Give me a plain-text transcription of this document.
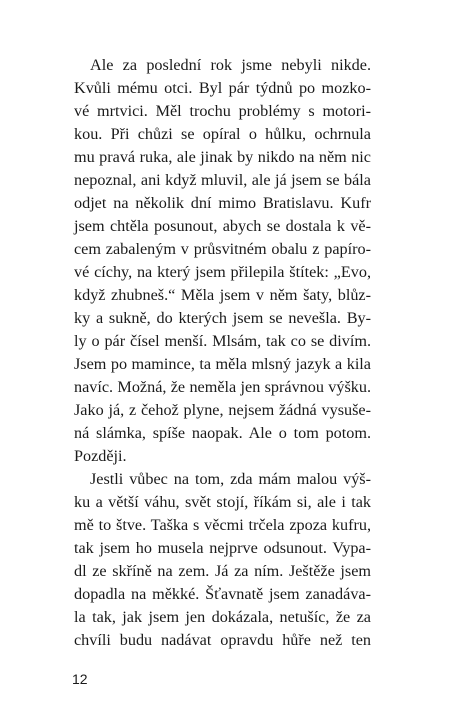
Ale za poslední rok jsme nebyli nikde.
Kvůli mému otci. Byl pár týdnů po mozko-
vé mrtvici. Měl trochu problémy s motori-
kou. Při chůzi se opíral o hůlku, ochrnula
mu pravá ruka, ale jinak by nikdo na něm nic
nepoznal, ani když mluvil, ale já jsem se bála
odjet na několik dní mimo Bratislavu. Kufr
jsem chtěla posunout, abych se dostala k vě-
cem zabaleným v průsvitném obalu z papíro-
vé cíchy, na který jsem přilepila štítek: „Evo,
když zhubneš.“ Měla jsem v něm šaty, blůz-
ky a sukně, do kterých jsem se nevešla. By-
ly o pár čísel menší. Mlsám, tak co se divím.
Jsem po mamince, ta měla mlsný jazyk a kila
navíc. Možná, že neměla jen správnou výšku.
Jako já, z čehož plyne, nejsem žádná vysuše-
ná slámka, spíše naopak. Ale o tom potom.
Později.
Jestli vůbec na tom, zda mám malou výš-
ku a větší váhu, svět stojí, říkám si, ale i tak
mě to štve. Taška s věcmi trčela zpoza kufru,
tak jsem ho musela nejprve odsunout. Vypa-
dl ze skříně na zem. Já za ním. Ještěže jsem
dopadla na měkké. Šťavnatě jsem zanadáva-
la tak, jak jsem jen dokázala, netušíc, že za
chvíli budu nadávat opravdu hůře než ten
12
